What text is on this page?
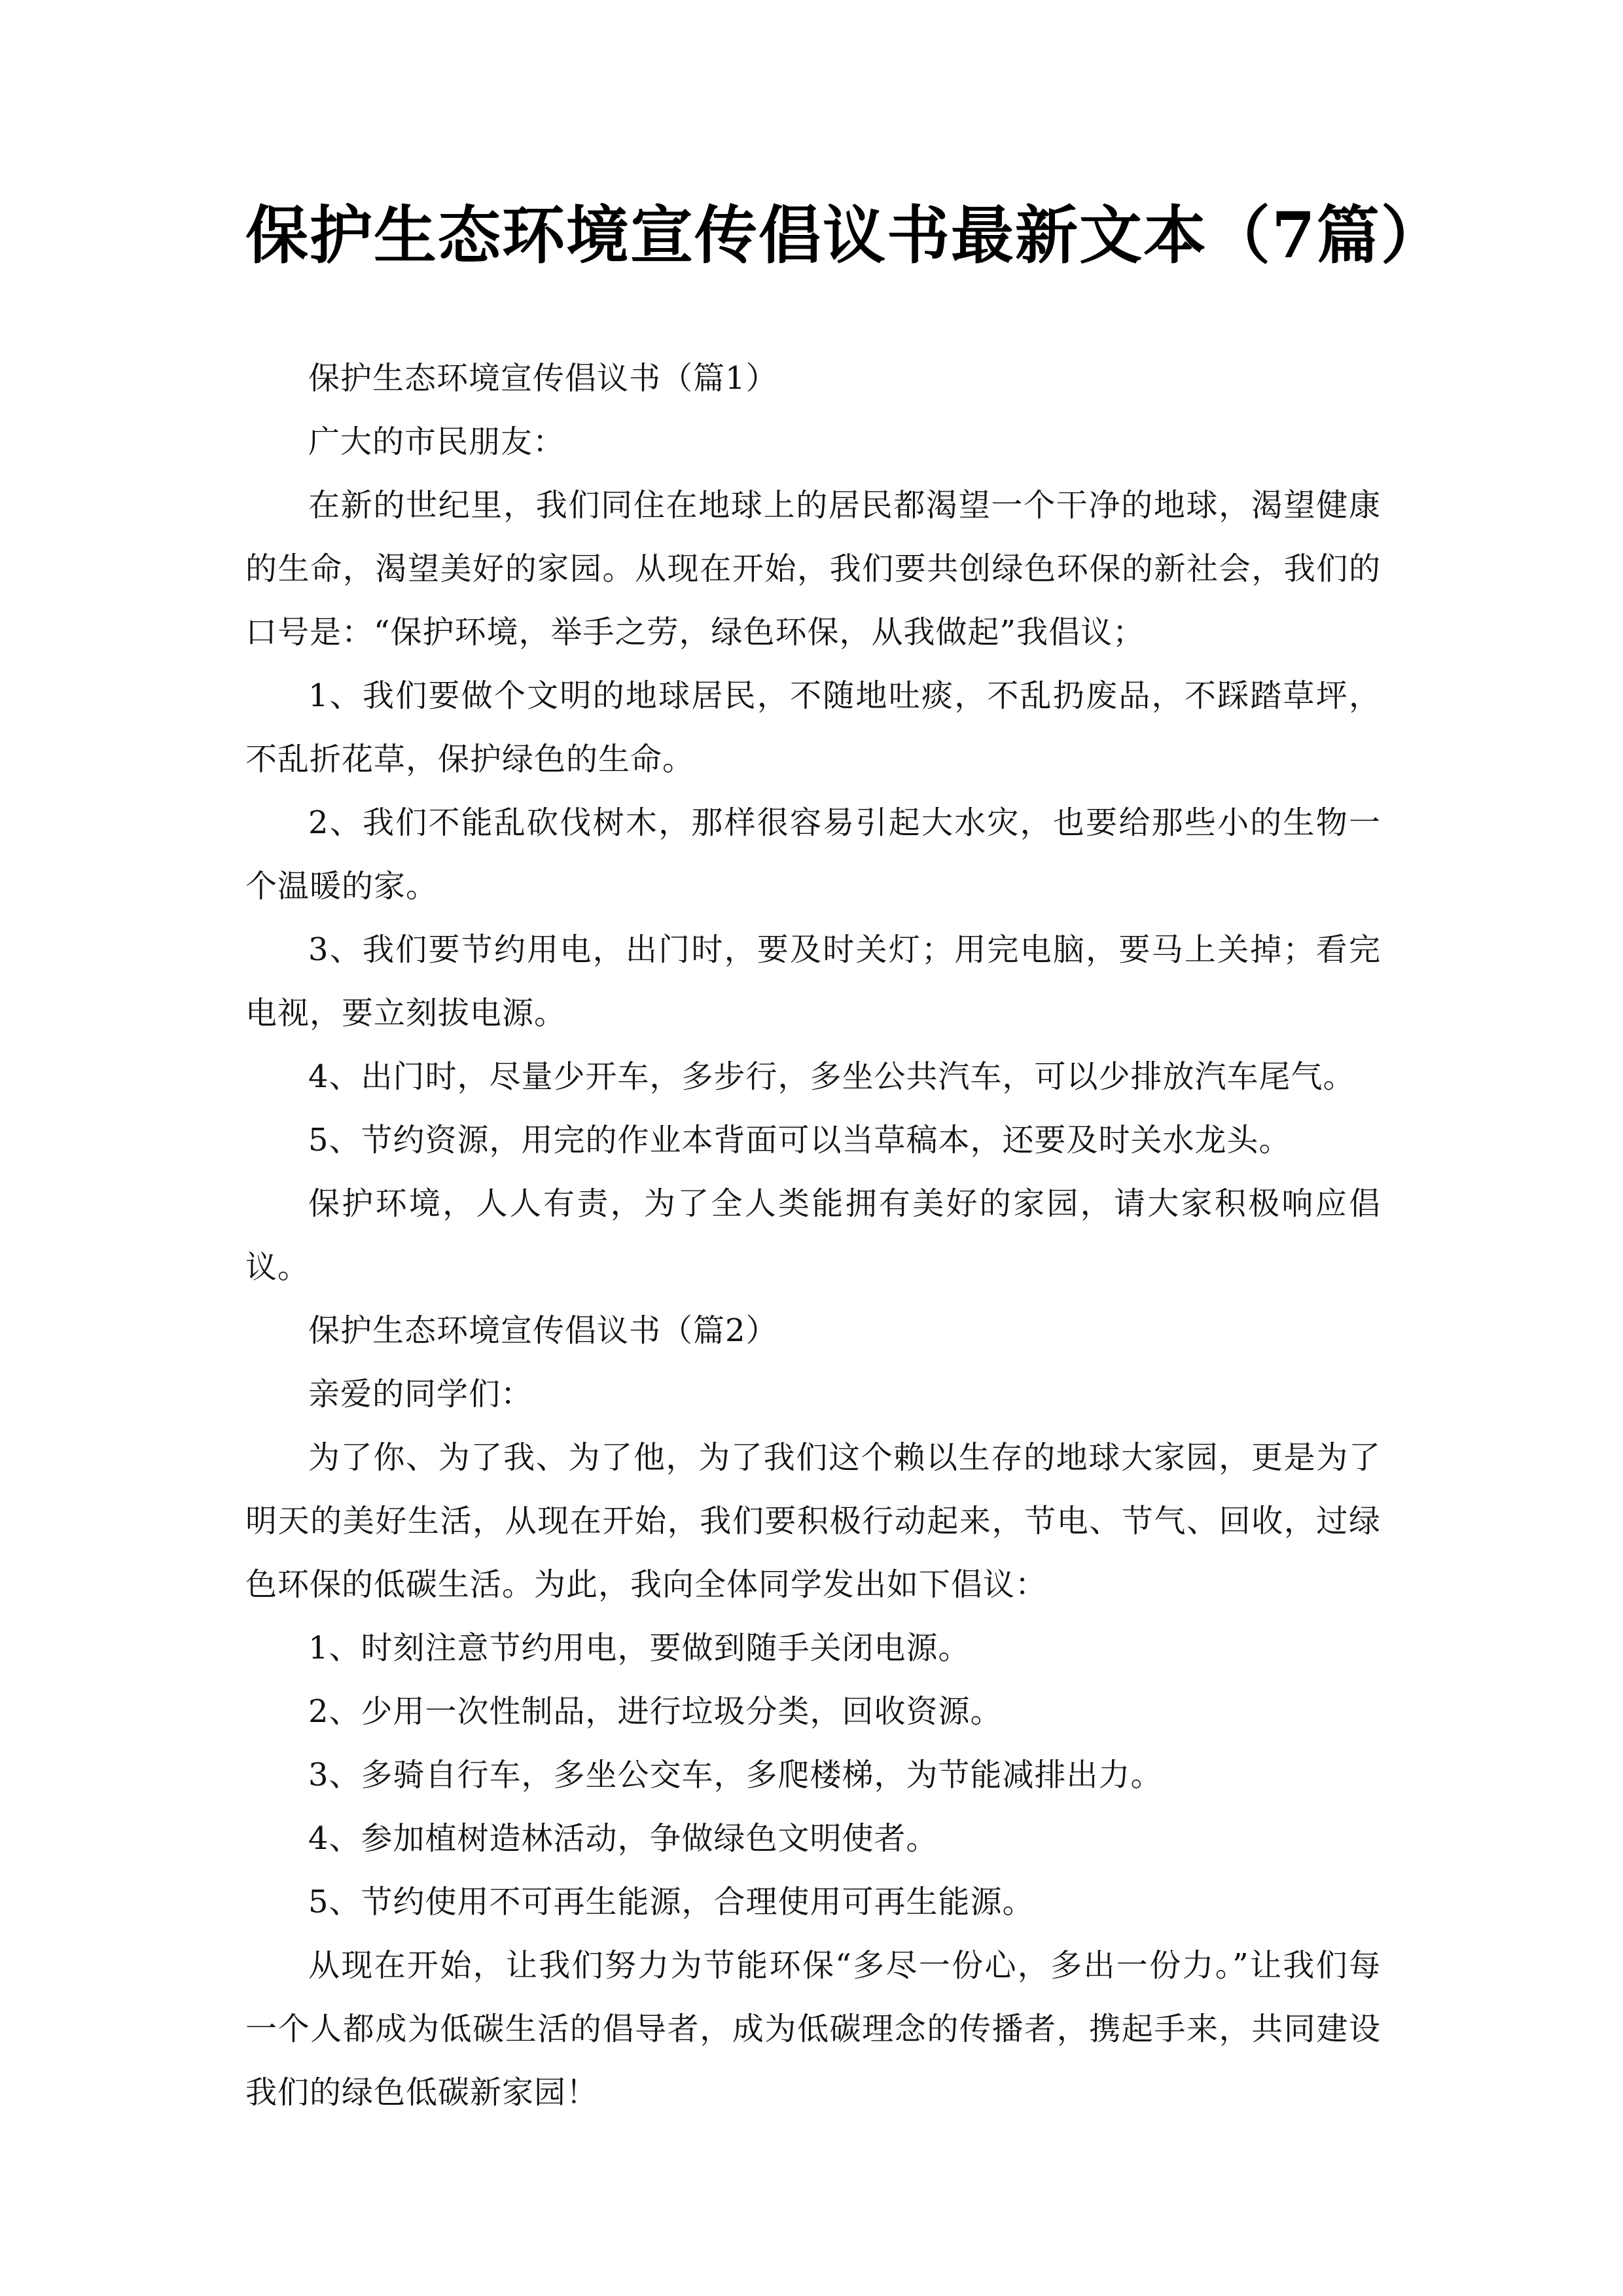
保护生态环境宣传倡议书最新文本（7篇）

保护生态环境宣传倡议书（篇1）

广大的市民朋友：

在新的世纪里，我们同住在地球上的居民都渴望一个干净的地球，渴望健康的生命，渴望美好的家园。从现在开始，我们要共创绿色环保的新社会，我们的口号是：“保护环境，举手之劳，绿色环保，从我做起”我倡议；

1、我们要做个文明的地球居民，不随地吐痰，不乱扔废品，不踩踏草坪，不乱折花草，保护绿色的生命。

2、我们不能乱砍伐树木，那样很容易引起大水灾，也要给那些小的生物一个温暖的家。

3、我们要节约用电，出门时，要及时关灯；用完电脑，要马上关掉；看完电视，要立刻拔电源。

4、出门时，尽量少开车，多步行，多坐公共汽车，可以少排放汽车尾气。

5、节约资源，用完的作业本背面可以当草稿本，还要及时关水龙头。

保护环境，人人有责，为了全人类能拥有美好的家园，请大家积极响应倡议。

保护生态环境宣传倡议书（篇2）

亲爱的同学们：

为了你、为了我、为了他，为了我们这个赖以生存的地球大家园，更是为了明天的美好生活，从现在开始，我们要积极行动起来，节电、节气、回收，过绿色环保的低碳生活。为此，我向全体同学发出如下倡议：

1、时刻注意节约用电，要做到随手关闭电源。

2、少用一次性制品，进行垃圾分类，回收资源。

3、多骑自行车，多坐公交车，多爬楼梯，为节能减排出力。

4、参加植树造林活动，争做绿色文明使者。

5、节约使用不可再生能源，合理使用可再生能源。

从现在开始，让我们努力为节能环保“多尽一份心，多出一份力。”让我们每一个人都成为低碳生活的倡导者，成为低碳理念的传播者，携起手来，共同建设我们的绿色低碳新家园！
